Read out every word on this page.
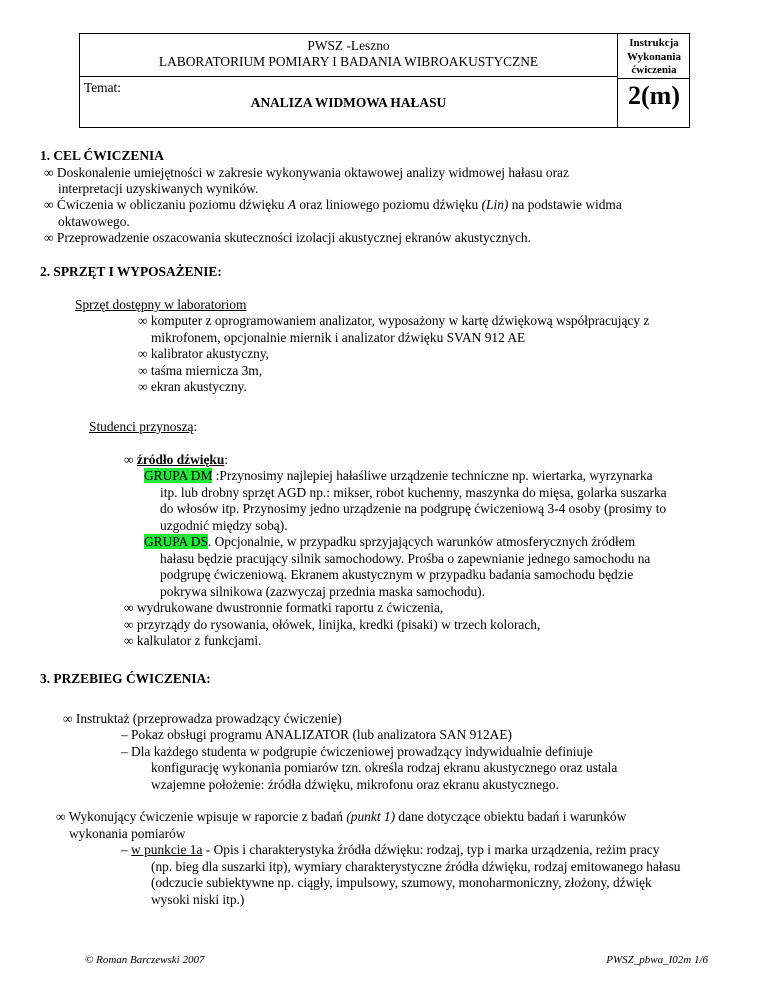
PWSZ -Leszno
LABORATORIUM POMIARY I BADANIA WIBROAKUSTYCZNE
Temat:
ANALIZA WIDMOWA HAŁASU
Instrukcja
Wykonania
ćwiczenia
2(m)
1. CEL ĆWICZENIA
∞ Doskonalenie umiejętności w zakresie wykonywania oktawowej analizy widmowej hałasu oraz
interpretacji uzyskiwanych wyników.
∞ Ćwiczenia w obliczaniu poziomu dźwięku A oraz liniowego poziomu dźwięku (Lin) na podstawie widma
oktawowego.
∞ Przeprowadzenie oszacowania skuteczności izolacji akustycznej ekranów akustycznych.
2. SPRZĘT I WYPOSAŻENIE:
Sprzęt dostępny w laboratoriom
∞ komputer z oprogramowaniem analizator, wyposażony w kartę dźwiękową współpracujący z
mikrofonem, opcjonalnie miernik i analizator dźwięku SVAN 912 AE
∞ kalibrator akustyczny,
∞ taśma miernicza 3m,
∞ ekran akustyczny.
Studenci przynoszą:
∞ źródło dźwięku:
GRUPA DM :Przynosimy najlepiej hałaśliwe urządzenie techniczne np. wiertarka, wyrzynarka
itp. lub drobny sprzęt AGD np.: mikser, robot kuchenny, maszynka do mięsa, golarka suszarka
do włosów itp. Przynosimy jedno urządzenie na podgrupę ćwiczeniową 3-4 osoby (prosimy to
uzgodnić między sobą).
GRUPA DS. Opcjonalnie, w przypadku sprzyjających warunków atmosferycznych źródłem
hałasu będzie pracujący silnik samochodowy. Prośba o zapewnianie jednego samochodu na
podgrupę ćwiczeniową. Ekranem akustycznym w przypadku badania samochodu będzie
pokrywa silnikowa (zazwyczaj przednia maska samochodu).
∞ wydrukowane dwustronnie formatki raportu z ćwiczenia,
∞ przyrządy do rysowania, ołówek, linijka, kredki (pisaki) w trzech kolorach,
∞ kalkulator z funkcjami.
3. PRZEBIEG ĆWICZENIA:
∞ Instruktaż (przeprowadza prowadzący ćwiczenie)
– Pokaz obsługi programu ANALIZATOR (lub analizatora SAN 912AE)
– Dla każdego studenta w podgrupie ćwiczeniowej prowadzący indywidualnie definiuje
konfigurację wykonania pomiarów tzn. określa rodzaj ekranu akustycznego oraz ustala
wzajemne położenie: źródła dźwięku, mikrofonu oraz ekranu akustycznego.
∞ Wykonujący ćwiczenie wpisuje w raporcie z badań (punkt 1) dane dotyczące obiektu badań i warunków
wykonania pomiarów
– w punkcie 1a - Opis i charakterystyka źródła dźwięku: rodzaj, typ i marka urządzenia, reżim pracy
(np. bieg dla suszarki itp), wymiary charakterystyczne źródła dźwięku, rodzaj emitowanego hałasu
(odczucie subiektywne np. ciągły, impulsowy, szumowy, monoharmoniczny, złożony, dźwięk
wysoki niski itp.)
© Roman Barczewski 2007	PWSZ_pbwa_I02m 1/6
